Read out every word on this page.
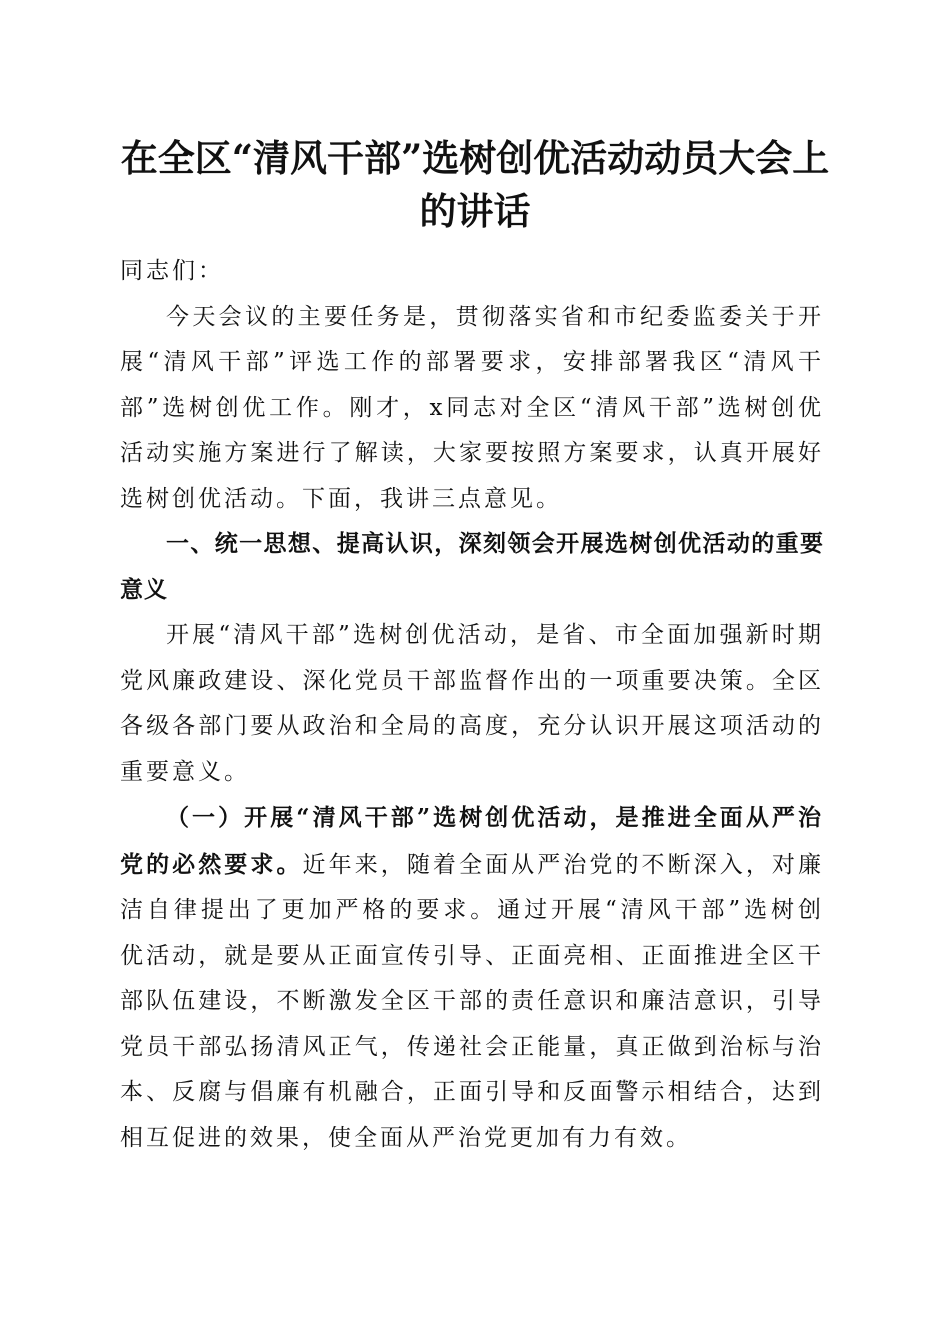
在全区“清风干部”选树创优活动动员大会上的讲话

同志们：

今天会议的主要任务是，贯彻落实省和市纪委监委关于开展“清风干部”评选工作的部署要求，安排部署我区“清风干部”选树创优工作。刚才，x同志对全区“清风干部”选树创优活动实施方案进行了解读，大家要按照方案要求，认真开展好选树创优活动。下面，我讲三点意见。

一、统一思想、提高认识，深刻领会开展选树创优活动的重要意义

开展“清风干部”选树创优活动，是省、市全面加强新时期党风廉政建设、深化党员干部监督作出的一项重要决策。全区各级各部门要从政治和全局的高度，充分认识开展这项活动的重要意义。

（一）开展“清风干部”选树创优活动，是推进全面从严治党的必然要求。近年来，随着全面从严治党的不断深入，对廉洁自律提出了更加严格的要求。通过开展“清风干部”选树创优活动，就是要从正面宣传引导、正面亮相、正面推进全区干部队伍建设，不断激发全区干部的责任意识和廉洁意识，引导党员干部弘扬清风正气，传递社会正能量，真正做到治标与治本、反腐与倡廉有机融合，正面引导和反面警示相结合，达到相互促进的效果，使全面从严治党更加有力有效。
